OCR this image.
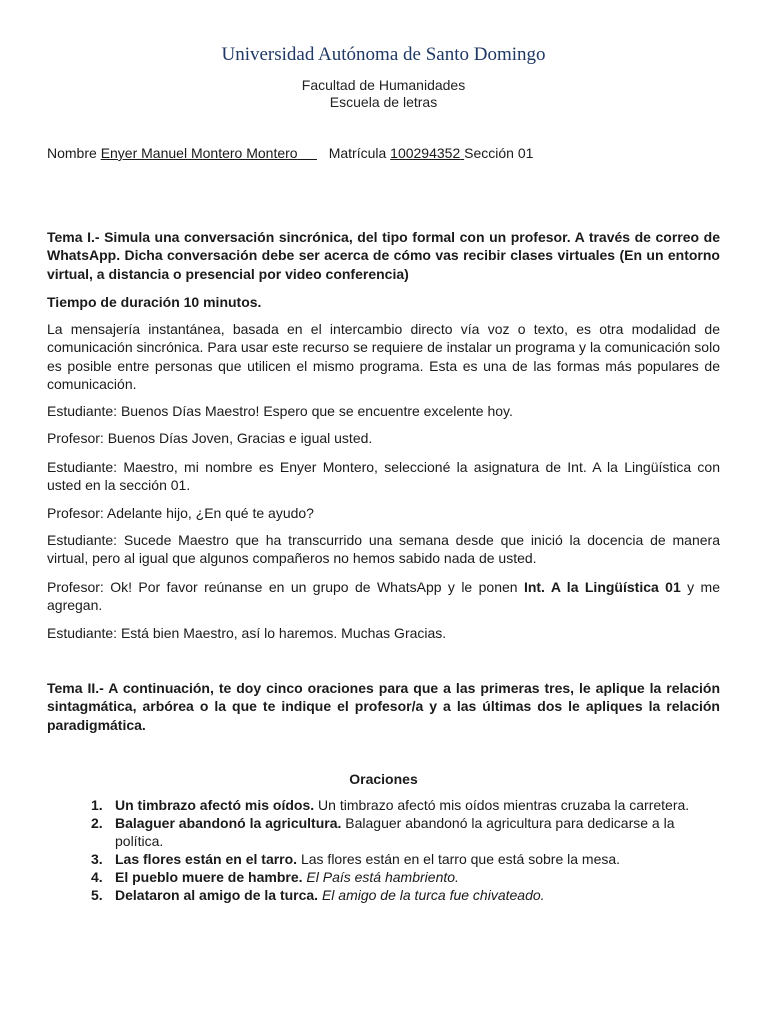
Universidad Autónoma de Santo Domingo
Facultad de Humanidades
Escuela de letras
Nombre Enyer Manuel Montero Montero Matrícula 100294352 Sección 01
Tema I.- Simula una conversación sincrónica, del tipo formal con un profesor. A través de correo de WhatsApp. Dicha conversación debe ser acerca de cómo vas recibir clases virtuales (En un entorno virtual, a distancia o presencial por video conferencia)
Tiempo de duración 10 minutos.
La mensajería instantánea, basada en el intercambio directo vía voz o texto, es otra modalidad de comunicación sincrónica. Para usar este recurso se requiere de instalar un programa y la comunicación solo es posible entre personas que utilicen el mismo programa. Esta es una de las formas más populares de comunicación.
Estudiante: Buenos Días Maestro! Espero que se encuentre excelente hoy.
Profesor: Buenos Días Joven, Gracias e igual usted.
Estudiante: Maestro, mi nombre es Enyer Montero, seleccioné la asignatura de Int. A la Lingüística con usted en la sección 01.
Profesor: Adelante hijo, ¿En qué te ayudo?
Estudiante: Sucede Maestro que ha transcurrido una semana desde que inició la docencia de manera virtual, pero al igual que algunos compañeros no hemos sabido nada de usted.
Profesor: Ok! Por favor reúnanse en un grupo de WhatsApp y le ponen Int. A la Lingüística 01 y me agregan.
Estudiante: Está bien Maestro, así lo haremos. Muchas Gracias.
Tema II.- A continuación, te doy cinco oraciones para que a las primeras tres, le aplique la relación sintagmática, arbórea o la que te indique el profesor/a y a las últimas dos le apliques la relación paradigmática.
Oraciones
1. Un timbrazo afectó mis oídos. Un timbrazo afectó mis oídos mientras cruzaba la carretera.
2. Balaguer abandonó la agricultura. Balaguer abandonó la agricultura para dedicarse a la política.
3. Las flores están en el tarro. Las flores están en el tarro que está sobre la mesa.
4. El pueblo muere de hambre. El País está hambriento.
5. Delataron al amigo de la turca. El amigo de la turca fue chivateado.
